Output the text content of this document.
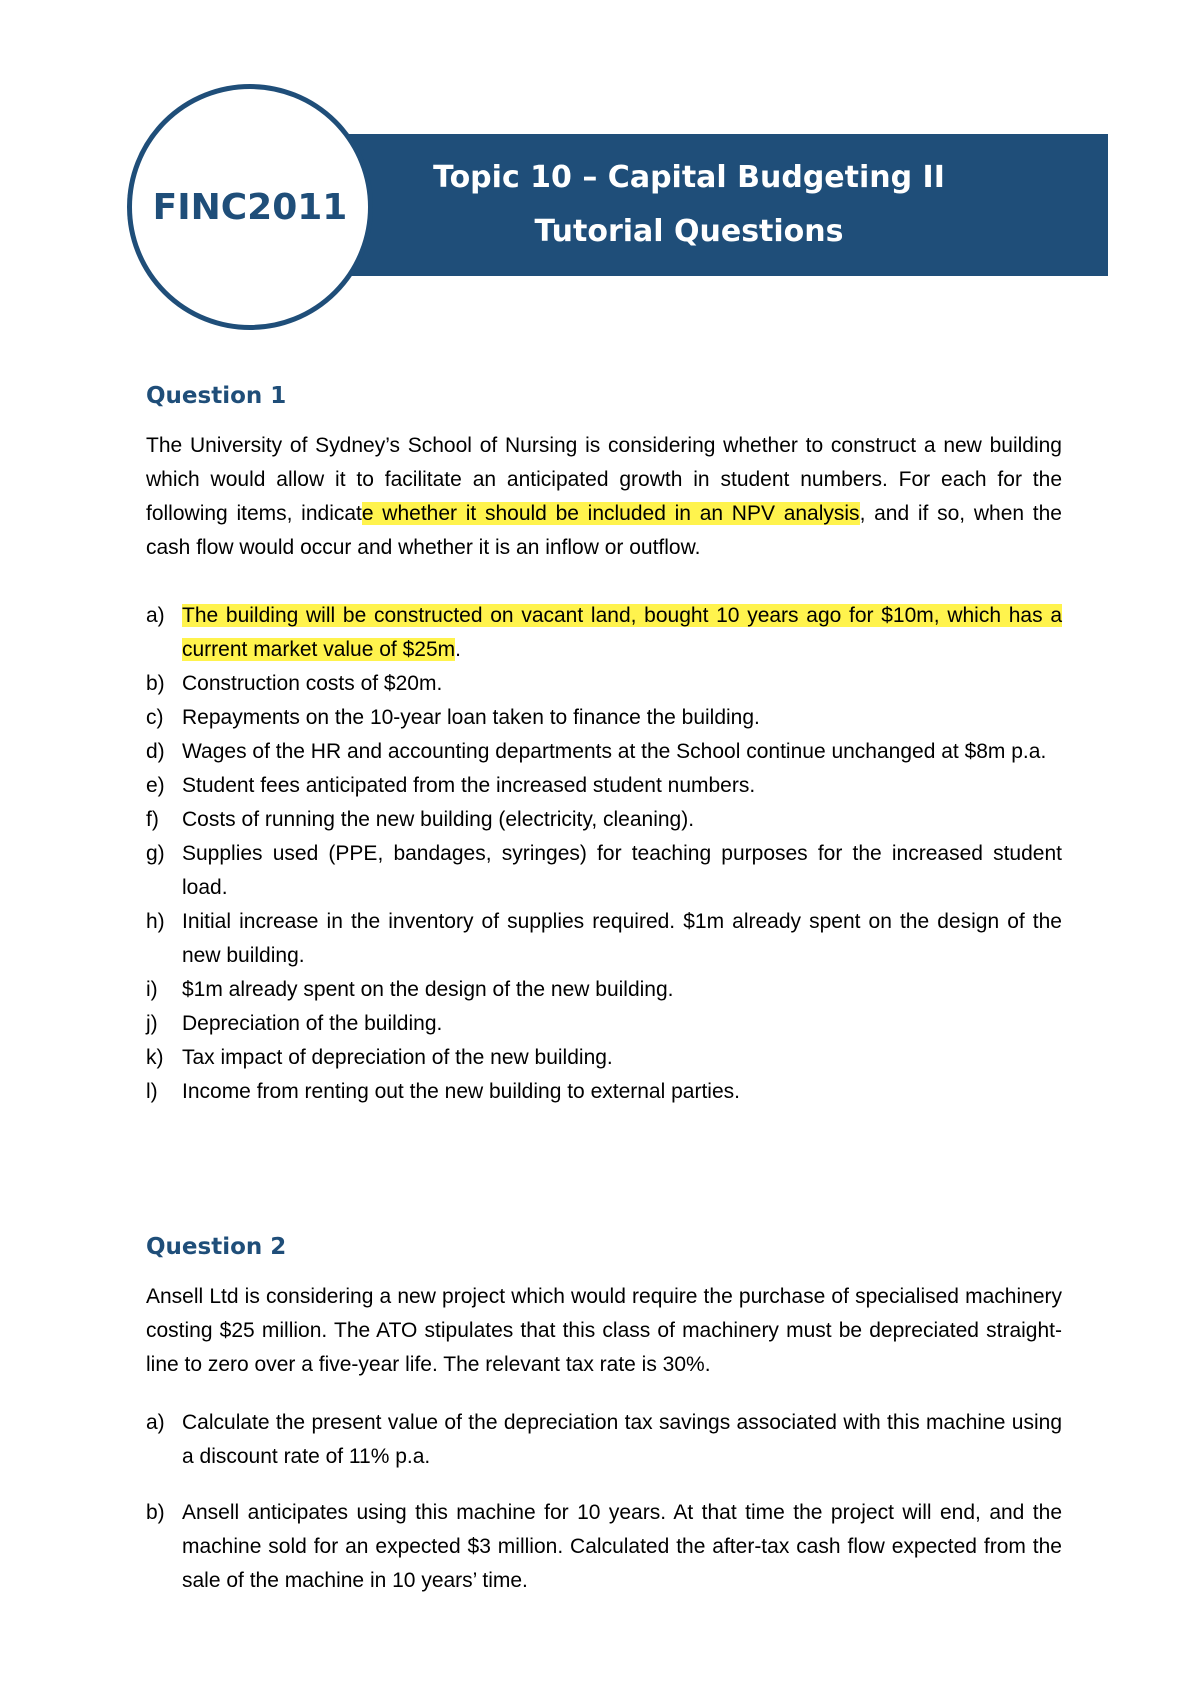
Topic 10 – Capital Budgeting II
Tutorial Questions
FINC2011
Question 1

The University of Sydney’s School of Nursing is considering whether to construct a new building which would allow it to facilitate an anticipated growth in student numbers. For each for the following items, indicate whether it should be included in an NPV analysis, and if so, when the cash flow would occur and whether it is an inflow or outflow.

a) The building will be constructed on vacant land, bought 10 years ago for $10m, which has a current market value of $25m.
b) Construction costs of $20m.
c) Repayments on the 10-year loan taken to finance the building.
d) Wages of the HR and accounting departments at the School continue unchanged at $8m p.a.
e) Student fees anticipated from the increased student numbers.
f)	Costs of running the new building (electricity, cleaning).
g) Supplies used (PPE, bandages, syringes) for teaching purposes for the increased student load.
h) Initial increase in the inventory of supplies required. $1m already spent on the design of the new building.
i)	$1m already spent on the design of the new building.
j)	Depreciation of the building.
k) Tax impact of depreciation of the new building.
l)	Income from renting out the new building to external parties.
Question 2

Ansell Ltd is considering a new project which would require the purchase of specialised machinery costing $25 million. The ATO stipulates that this class of machinery must be depreciated straight-line to zero over a five-year life. The relevant tax rate is 30%.

a) Calculate the present value of the depreciation tax savings associated with this machine using a discount rate of 11% p.a.
b) Ansell anticipates using this machine for 10 years. At that time the project will end, and the machine sold for an expected $3 million. Calculated the after-tax cash flow expected from the sale of the machine in 10 years’ time.
